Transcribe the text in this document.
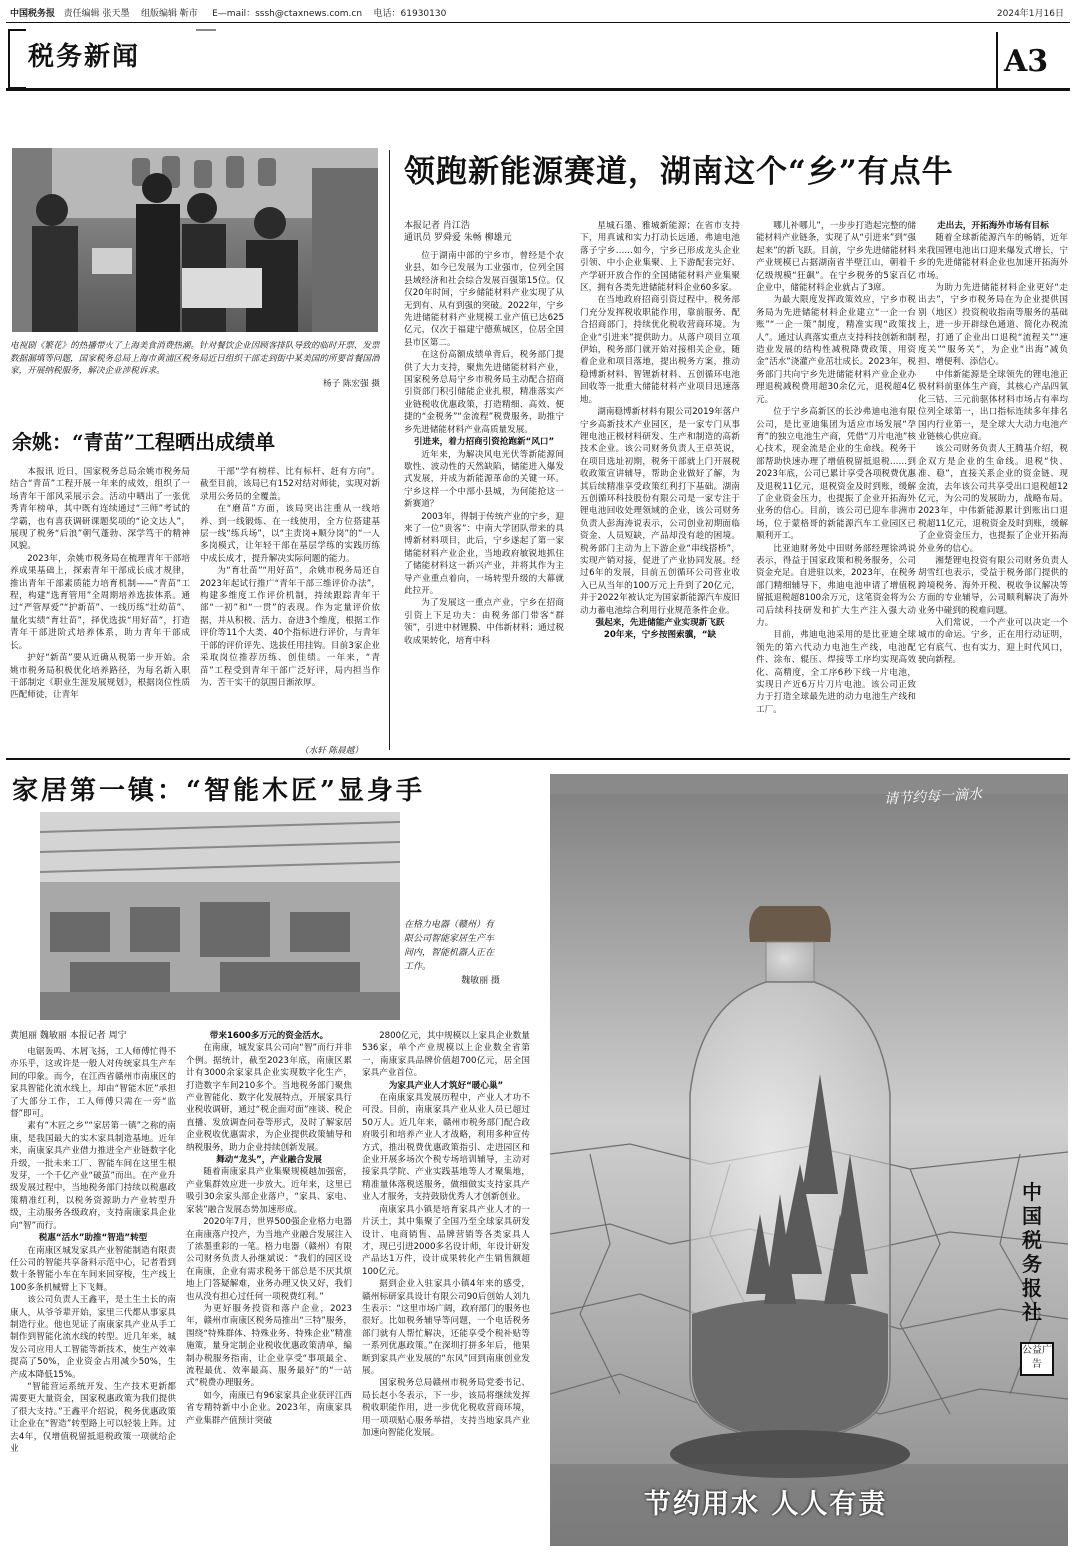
中国税务报 责任编辑 张天墨 组版编辑 靳市 E—mail：sssh@ctaxnews.com.cn 电话：61930130	2024年1月16日
税务新闻	A3
电视剧《繁花》的热播带火了上海美食消费热潮。针对餐饮企业因顾客排队导致的临时开票、发票数据漏填等问题，国家税务总局上海市黄浦区税务局近日组织干部走到街中某美国的所要首餐国酒家，开展纳税服务，解决企业涉税诉求。
杨子 陈宏强 摄
余姚：“青苗”工程晒出成绩单

本报讯 近日，国家税务总局余姚市税务局结合“青苗”工程开展一年来的成效，组织了一场青年干部风采展示会。活动中晒出了一张优秀青年榜单，其中既有连续通过“三师”考试的学霸，也有喜获调研课题奖项的“论文达人”，展现了税务“后浪”朝气蓬勃、深学笃干的精神风貌。

2023年，余姚市税务局在梳理青年干部培养成果基础上，探索青年干部成长成才规律，推出青年干部素质能力培育机制——“青苗”工程，构建“选育管用”全周期培养选拔体系。通过“严管厚爱”“护新苗”、一线历练“壮幼苗”、量化实绩“育壮苗”，择优选拔“用好苗”，打造青年干部进阶式培养体系，助力青年干部成长。

护好“新苗”要从近确从税第一步开始。余姚市税务局积极优化培养路径，为每名新入职干部制定《职业生涯发展规划》，根据岗位性质匹配师徒，让青年

干部“学有榜样、比有标杆、赶有方向”。截至目前，该局已有152对结对师徒，实现对新录用公务员的全覆盖。

在“磨苗”方面，该局突出注重从一线培养、到一线锻炼、在一线使用，全方位搭建基层一线“练兵场”，以“主责岗+顺分岗”的“一人多岗模式，让年轻干部在基层学练的实践历练中成长成才，提升解决实际问题的能力。

为“育壮苗”“用好苗”，余姚市税务局还自2023年起试行推广“青年干部三维评价办法”，构建多维度工作评价机制，持续跟踪青年干部“一初”和“一贯”的表现。作为定量评价依据，并从积极、活力、奋进3个维度，根据工作评价等11个大类、40个指标进行评价，与青年干部的评价评先、选拔任用挂钩。目前3家企业采取岗位推荐历练、创佳绩。一年来，“青苗”工程受到青年干部广泛好评，局内担当作为、苦干实干的氛围日渐浓厚。

（水轩 陈晨越）
领跑新能源赛道，湖南这个“乡”有点牛
本报记者 肖江浩
通讯员 罗舜爱 朱畅 柳雄元

位于湖南中部的宁乡市，曾经是个农业县，如今已发展为工业强市，位列全国县域经济和社会综合发展百强第15位。仅仅20年时间，宁乡储能材料产业实现了从无到有、从有到强的突破。2022年，宁乡先进储能材料产业规模工业产值已达625亿元，仅次于福建宁德蕉城区，位居全国县市区第二。

在这份高额成绩单背后，税务部门提供了大力支持，聚焦先进储能材料产业，国家税务总局宁乡市税务局主动配合招商引资部门积引储能企业扎根，精准落实产业链税收优惠政策，打造精细、高效、便捷的“金税务”“金流程”税费服务，助推宁乡先进储能材料产业高质量发展。

引进来，着力招商引资抢跑新“风口”

近年来，为解决风电光伏等新能源间歇性、波动性的天然缺陷，储能进入爆发式发展，并成为新能源革命的关键一环。宁乡这样一个中部小县城，为何能抢这一新赛道？

2003年，得制于传统产业的宁乡，迎来了一位“贵客”：中南大学团队带来的具博新材料项目，此后，宁乡遂起了第一家储能材料产业企业，当地政府敏锐地抓住了储能材料这一新兴产业，并将其作为主导产业重点着向，一场转型升级的大幕就此拉开。

为了发展这一重点产业，宁乡在招商引资上下足功夫：由税务部门带客“群领”，引进中材锂膜、中伟新材料；通过税收成果转化，培育中科

星城石墨、雅城新能源；在省市支持下，用真诚和实力打动长远通，弗迪电池落子宁乡……如今，宁乡已形成龙头企业引领、中小企业集聚、上下游配套完好、产学研开放合作的全国储能材料产业集聚区，拥有各类先进储能材料企业60多家。

在当地政府招商引资过程中，税务部门充分发挥税收职能作用，靠前服务、配合招商部门，持续优化税收营商环境。为企业“引进来”提供助力。从落户项目立项伊始，税务部门就开始对接相关企业，随着企业和项目落地，提出税务方案，推动稳博新材料、智锂新材料、五创循环电池回收等一批重大储能材料产业项目迅速落地。

湖南稳博新材料有限公司2019年落户宁乡高新技术产业园区，是一家专门从事锂电池正极材料研发、生产和制造的高新技术企业。该公司财务负责人王卓英说，在项目选址初期，税务干部就上门开展税收政策宣讲辅导，帮助企业做好了解，为其后续精准享受政策红利打下基础。湖南五创循环科技股份有限公司是一家专注于锂电池回收处理领域的企业，该公司财务负责人彭海涛说表示，公司创业初期面临资金、人员短缺，产品却没有趁的困境。税务部门主动为上下游企业“串线搭桥”，实现产销对接，促进了产业协同发展。经过6年的发展，目前五创循环公司营业收入已从当年的100万元上升到了20亿元，并于2022年被认定为国家新能源汽车废旧动力蓄电池综合利用行业规范条件企业。

强起来，先进储能产业实现新飞跃

20年来，宁乡按图索骥，“缺

哪儿补哪儿”，一步步打造起完整的储能材料产业链条，实现了从“引进来”到“强起来”的新飞跃。目前，宁乡先进储能材料产业规模已占据湖南省半壁江山，朝着千亿级规模“狂飙”。在宁乡税务的5家百亿企业中，储能材料企业就占了3席。

为最大限度发挥政策效应，宁乡市税务局为先进储能材料企业建立“一企一台账”“一企一策”制度，精准实现“政策找人”。通过认真落实重点支持科技创新和制造业发展的结构性减税降费政策，用资金“活水”浇灌产业茁壮成长。2023年，税务部门共向宁乡先进储能材料产业企业办理退税减税费用超30余亿元，退税超4亿元。

位于宁乡高新区的长沙弗迪电池有限公司，是比亚迪集团为适应市场发展“孕育”的独立电池生产商，凭借“刀片电池”核心技术，现金流是企业的生命线。税务干部帮助快速办理了增值税留抵退税……到2023年底，公司已累计享受各项税费优惠及退税11亿元，退税资金及时到账，缓解了企业资金压力，也提振了企业开拓海外业务的信心。目前，该公司已迎车非洲市场，位于蒙格哥的新能源汽车工业园区已顺利开工。

比亚迪财务处中田财务部经理徐鸿说表示，得益于国家政策和税务服务，公司资金充足。自进驻以来，2023年，在税务部门精细辅导下，弗迪电池申请了增值税留抵退税超8100余万元，这笔资金将为公司后续科技研发和扩大生产注入强大动力。

目前，弗迪电池采用的是比亚迪全球领先的第六代动力电池生产线，电池配件、涂布、辊压、焊接等工序均实现高效化、高精度，全工序6秒下线一片电池，实现日产近6万片刀片电池。该公司正致力于打造全球最先进的动力电池生产线和工厂。

走出去，开拓海外市场有目标

随着全球新能源汽车的畅销，近年来我国锂电池出口迎来爆发式增长，宁乡的先进储能材料企业也加速开拓海外市场。

为助力先进储能材料企业更好“走出去”，宁乡市税务局在为企业提供国别（地区）投资税收指南等服务的基础上，进一步开辟绿色通道、简化办税流程，打通了企业出口退税“流程关”“速度关”“服务关”，为企业“出海”减负担、增便利、添信心。

中伟新能源是全球领先的锂电池正极材料前驱体生产商，其核心产品四氧化三钴、三元前驱体材料市场占有率均位列全球第一，出口指标连续多年排名国内行业第一，是全球大大动力电池产业链核心供应商。

该公司财务负责人王腾基介绍，税企双方是企业的生命线。退税“快、准、稳”，直接关系企业的资金链、现金流，去年该公司共享受出口退税超12亿元，为公司的发展助力，战略布局。2023年，中伟新能源累计到账出口退税超11亿元，退税资金及时到账，缓解了企业资金压力，也提振了企业开拓海外业务的信心。

湘楚锂电投资有限公司财务负责人胡雪红也表示，受益于税务部门提供的跨境税务、海外开税、税收争议解决等方面的专业辅导，公司顺利解决了海外业务中碰到的税难问题。

入们常说，一个产业可以决定一个城市的命运。宁乡，正在用行动证明，它有底气、也有实力，迎上时代风口，驶向新程。

家居第一镇：“智能木匠”显身手
在格力电器（赣州）有限公司智能家居生产车间内，智能机器人正在工作。
魏敏丽 摄
黄旭丽 魏敏丽 本报记者 周宁

电锯轰鸣、木屑飞扬，工人师傅忙得不亦乐乎，这或许是一般人对传统家具生产车间的印象。而今，在江西省赣州市南康区的家具智能化流水线上，却由“智能木匠”承担了大部分工作，工人师傅只需在一旁“监督”即可。

素有“木匠之乡”“家居第一镇”之称的南康，是我国最大的实木家具制造基地。近年来，南康家具产业借力推进全产业链数字化升级，一批未来工厂、智能车间在这里生根发芽，一个千亿产业“破茧”而出。在产业升级发展过程中，当地税务部门持续以税惠政策精准红利，以税务资源助力产业转型升级，主动服务各级政府，支持南康家具企业向“智”而行。

税惠“活水”助推“智造”转型

在南康区城发家具产业智能制造有限责任公司的智能共享备料示范中心，记者看到数十条智能小车在车间来回穿梭，生产线上100多条机械臂上下飞舞。

该公司负责人王鑫平，是土生土长的南康人，从爷爷辈开始，家里三代都从事家具制造行业。他也见证了南康家具产业从手工制作到智能化流水线的转型。近几年来，城发公司应用人工智能等新技术，使生产效率提高了50%，企业资金占用减少50%，生产成本降低15%。

“智能营运系统开发、生产技术更新都需要更大量资金，国家税惠政策为我们提供了很大支持。”王鑫平介绍说，税务优惠政策让企业在“智造”转型路上可以轻装上阵。过去4年，仅增值税留抵退税政策一项就给企业

带来1600多万元的资金活水。

在南康，城发家具公司向“智”而行并非个例。据统计，截至2023年底，南康区累计有3000余家家具企业实现数字化生产，打造数字车间210多个。当地税务部门聚焦产业智能化、数字化发展特点，开展家具行业税收调研，通过“税企面对面”座谈、税企直播、发放调查问卷等形式，及时了解家居企业税收优惠需求，为企业提供政策辅导和纳税服务，助力企业持续创新发展。

舞动“龙头”，产业融合发展

随着南康家具产业集聚规模越加强密，产业集群效应进一步放大。近年来，这里已吸引30余家头部企业落户，“家具、家电、家装”融合发展态势加速形成。

2020年7月，世界500强企业格力电器在南康落户投产，为当地产业融合发展注入了浓墨重彩的一笔。格力电器（赣州）有限公司财务负责人孙继斌说：“我们的园区设在南康，企业有需求税务干部总是不厌其烦地上门答疑解难，业务办理又快又好，我们也从没有担心过任何一项税费红利。”

为更好服务投资和落户企业，2023年，赣州市南康区税务局推出“三特”服务，围绕“特殊群体、特殊业务、特殊企业”精准施策，量身定制企业税收优惠政策清单，编制办税服务指南，让企业享受“事项最全、流程最优、效率最高、服务最好”的“一站式”税费办理服务。

如今，南康已有96家家具企业获评江西省专精特新中小企业。2023年，南康家具产业集群产值预计突破

2800亿元，其中规模以上家具企业数量536家，单个产业规模以上企业数全省第一，南康家具品牌价值超700亿元，居全国家具产业首位。

为家具产业人才筑好“暖心巢”

在南康家具发展历程中，产业人才功不可没。目前，南康家具产业从业人员已超过50万人。近几年来，赣州市税务部门配合政府吸引和培养产业人才战略，利用多种宣传方式，推出税费优惠政策指引、走进园区和企业开展多场次个税专场培训辅导，主动对接家具学院、产业实践基地等人才聚集地，精准量体落税送服务，做细做实支持家具产业人才服务，支持鼓励优秀人才创新创业。

南康家具小镇是培育家具产业人才的一片沃土，其中集聚了全国乃至全球家具研发设计、电商销售、品牌营销等各类家具人才，现已引进2000多名设计师，年设计研发产品达1万件，设计成果转化产生销售额超100亿元。

据到企业入驻家具小镇4年来的感受，赣州标研家具设计有限公司90后创始人刘九生表示：“这里市场广阔，政府部门的服务也很好。比如税务辅导等问题，一个电话税务部门就有人帮忙解决，还能享受个税补贴等一系列优惠政策。”在深圳打拼多年后，他果断到家具产业发展的“东风”回到南康创业发展。

国家税务总局赣州市税务局党委书记、局长赵小冬表示，下一步，该局将继续发挥税收职能作用，进一步优化税收营商环境，用一项项贴心服务举措，支持当地家具产业加速向智能化发展。

请节约每一滴水
中国税务报社
公益广告
节约用水 人人有责
